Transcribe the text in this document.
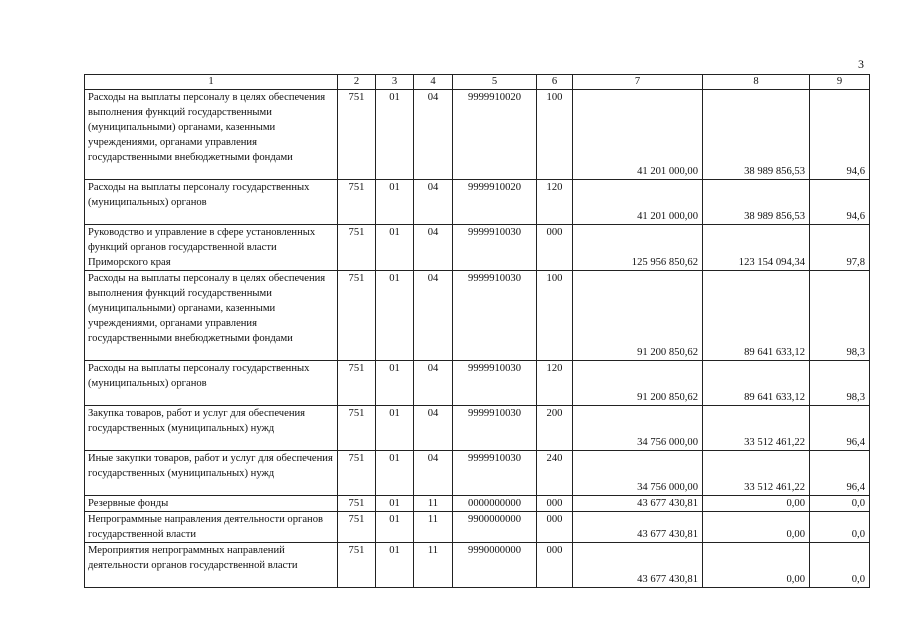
3
1	2	3	4	5	6	7	8	9
Расходы на выплаты персоналу в целях обеспечения выполнения функций государственными (муниципальными) органами, казенными учреждениями, органами управления государственными внебюджетными фондами	751	01	04	9999910020	100	41 201 000,00	38 989 856,53	94,6
Расходы на выплаты персоналу государственных (муниципальных) органов	751	01	04	9999910020	120	41 201 000,00	38 989 856,53	94,6
Руководство и управление в сфере установленных функций органов государственной власти Приморского края	751	01	04	9999910030	000	125 956 850,62	123 154 094,34	97,8
Расходы на выплаты персоналу в целях обеспечения выполнения функций государственными (муниципальными) органами, казенными учреждениями, органами управления государственными внебюджетными фондами	751	01	04	9999910030	100	91 200 850,62	89 641 633,12	98,3
Расходы на выплаты персоналу государственных (муниципальных) органов	751	01	04	9999910030	120	91 200 850,62	89 641 633,12	98,3
Закупка товаров, работ и услуг для обеспечения государственных (муниципальных) нужд	751	01	04	9999910030	200	34 756 000,00	33 512 461,22	96,4
Иные закупки товаров, работ и услуг для обеспечения государственных (муниципальных) нужд	751	01	04	9999910030	240	34 756 000,00	33 512 461,22	96,4
Резервные фонды	751	01	11	0000000000	000	43 677 430,81	0,00	0,0
Непрограммные направления деятельности органов государственной власти	751	01	11	9900000000	000	43 677 430,81	0,00	0,0
Мероприятия непрограммных направлений деятельности органов государственной власти	751	01	11	9990000000	000	43 677 430,81	0,00	0,0
